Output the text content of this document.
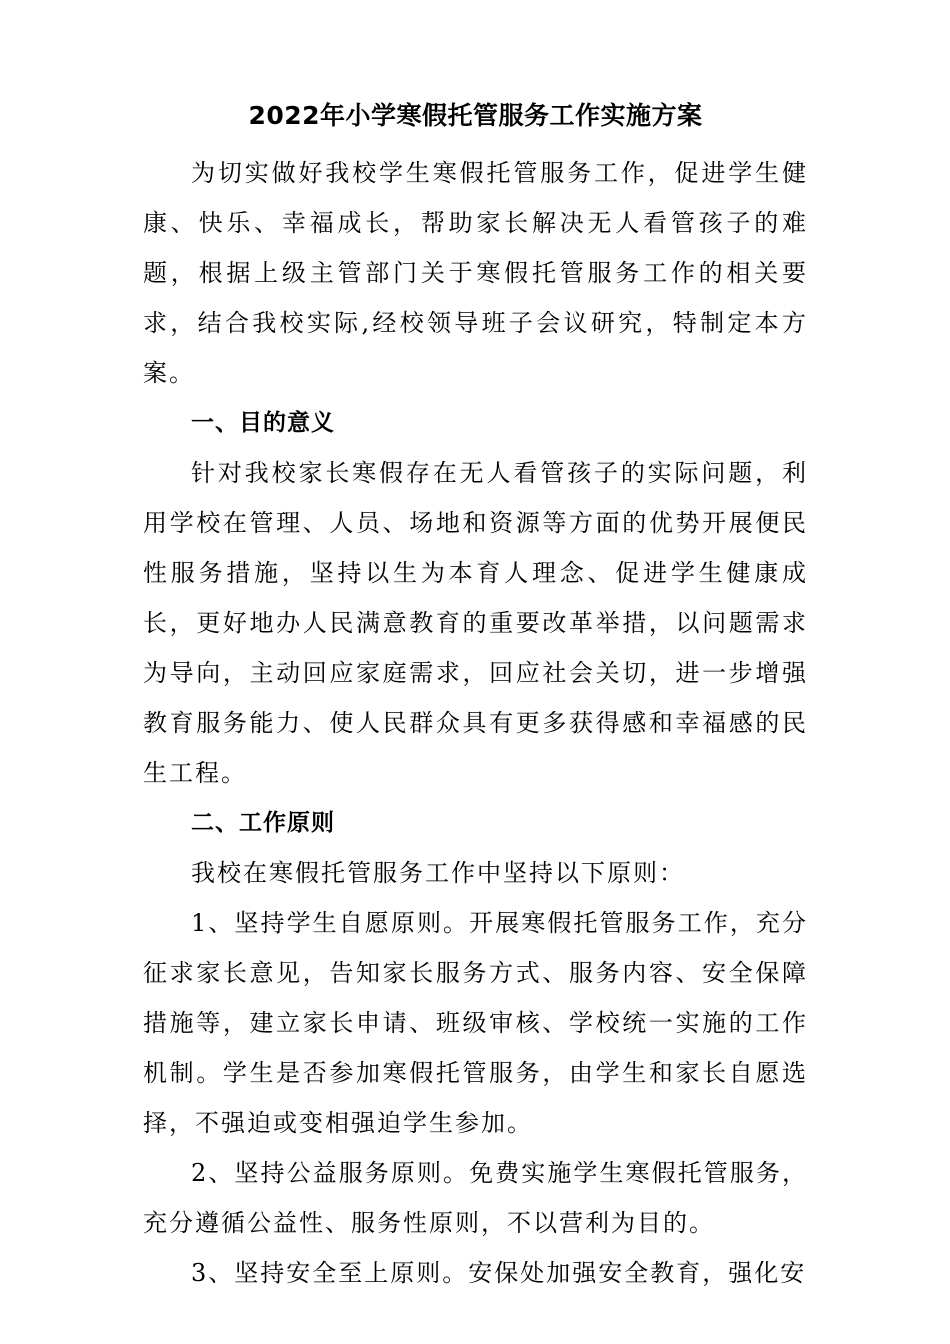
2022年小学寒假托管服务工作实施方案

为切实做好我校学生寒假托管服务工作，促进学生健康、快乐、幸福成长，帮助家长解决无人看管孩子的难题，根据上级主管部门关于寒假托管服务工作的相关要求，结合我校实际,经校领导班子会议研究，特制定本方案。

一、目的意义

针对我校家长寒假存在无人看管孩子的实际问题，利用学校在管理、人员、场地和资源等方面的优势开展便民性服务措施，坚持以生为本育人理念、促进学生健康成长，更好地办人民满意教育的重要改革举措，以问题需求为导向，主动回应家庭需求，回应社会关切，进一步增强教育服务能力、使人民群众具有更多获得感和幸福感的民生工程。

二、工作原则

我校在寒假托管服务工作中坚持以下原则：

1、坚持学生自愿原则。开展寒假托管服务工作，充分征求家长意见，告知家长服务方式、服务内容、安全保障措施等，建立家长申请、班级审核、学校统一实施的工作机制。学生是否参加寒假托管服务，由学生和家长自愿选择，不强迫或变相强迫学生参加。

2、坚持公益服务原则。免费实施学生寒假托管服务，充分遵循公益性、服务性原则，不以营利为目的。

3、坚持安全至上原则。安保处加强安全教育，强化安
